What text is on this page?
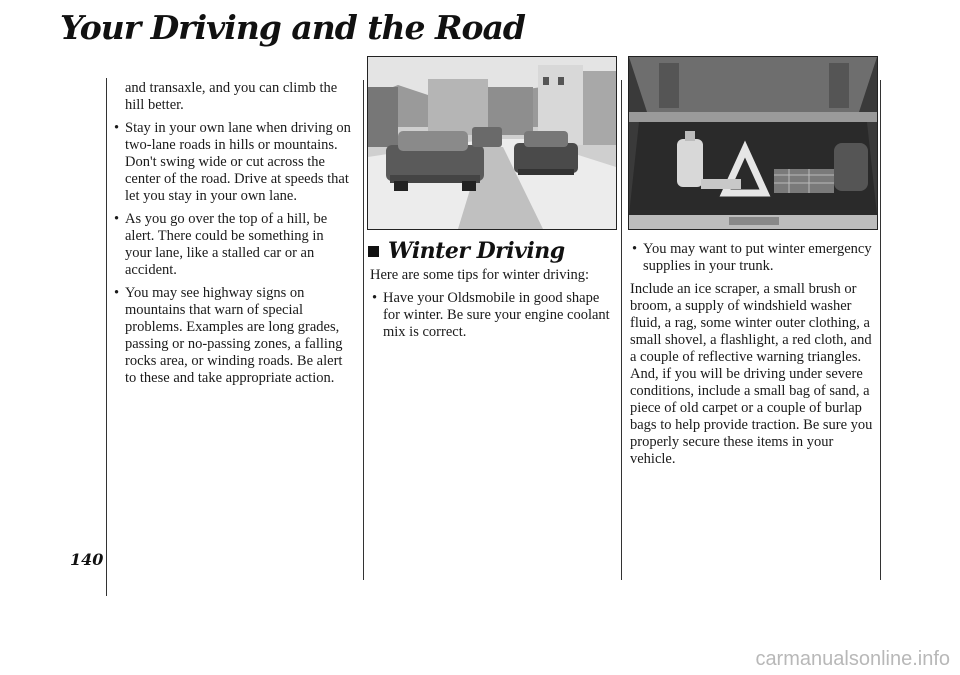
Your Driving and the Road
140
and transaxle, and you can climb the hill better.
• Stay in your own lane when driving on two-lane roads in hills or mountains. Don't swing wide or cut across the center of the road. Drive at speeds that let you stay in your own lane.
• As you go over the top of a hill, be alert. There could be something in your lane, like a stalled car or an accident.
• You may see highway signs on mountains that warn of special problems. Examples are long grades, passing or no-passing zones, a falling rocks area, or winding roads. Be alert to these and take appropriate action.
Winter Driving

Here are some tips for winter driving:

• Have your Oldsmobile in good shape for winter. Be sure your engine coolant mix is correct.
• You may want to put winter emergency supplies in your trunk.

Include an ice scraper, a small brush or broom, a supply of windshield washer fluid, a rag, some winter outer clothing, a small shovel, a flashlight, a red cloth, and a couple of reflective warning triangles. And, if you will be driving under severe conditions, include a small bag of sand, a piece of old carpet or a couple of burlap bags to help provide traction. Be sure you properly secure these items in your vehicle.

carmanualsonline.info
